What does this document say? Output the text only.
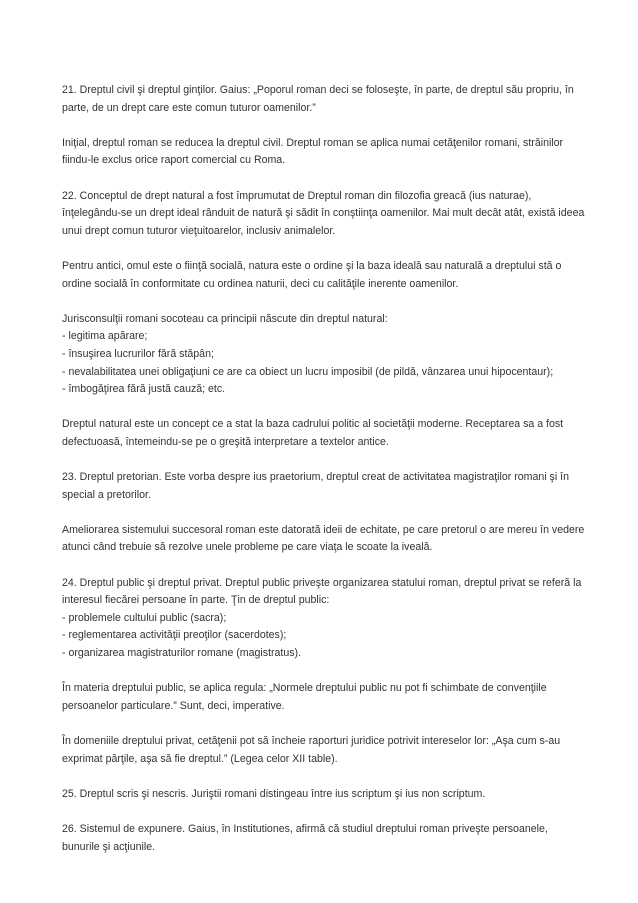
21. Dreptul civil şi dreptul ginţilor. Gaius: „Poporul roman deci se foloseşte, în parte, de dreptul său propriu, în
parte, de un drept care este comun tuturor oamenilor.”

Iniţial, dreptul roman se reducea la dreptul civil. Dreptul roman se aplica numai cetăţenilor romani, străinilor
fiindu-le exclus orice raport comercial cu Roma.

22. Conceptul de drept natural a fost împrumutat de Dreptul roman din filozofia greacă (ius naturae),
înţelegându-se un drept ideal rânduit de natură şi sădit în conştiinţa oamenilor. Mai mult decât atât, există ideea
unui drept comun tuturor vieţuitoarelor, inclusiv animalelor.

Pentru antici, omul este o fiinţă socială, natura este o ordine şi la baza ideală sau naturală a dreptului stă o
ordine socială în conformitate cu ordinea naturii, deci cu calităţile inerente oamenilor.

Jurisconsulţii romani socoteau ca principii născute din dreptul natural:
- legitima apărare;
- însuşirea lucrurilor fără stăpân;
- nevalabilitatea unei obligaţiuni ce are ca obiect un lucru imposibil (de pildă, vânzarea unui hipocentaur);
- îmbogăţirea fără justă cauză; etc.

Dreptul natural este un concept ce a stat la baza cadrului politic al societăţii moderne. Receptarea sa a fost
defectuoasă, întemeindu-se pe o greşită interpretare a textelor antice.

23. Dreptul pretorian. Este vorba despre ius praetorium, dreptul creat de activitatea magistraţilor romani şi în
special a pretorilor.

Ameliorarea sistemului succesoral roman este datorată ideii de echitate, pe care pretorul o are mereu în vedere
atunci când trebuie să rezolve unele probleme pe care viaţa le scoate la iveală.

24. Dreptul public şi dreptul privat. Dreptul public priveşte organizarea statului roman, dreptul privat se referă la
interesul fiecărei persoane în parte. Ţin de dreptul public:
- problemele cultului public (sacra);
- reglementarea activităţii preoţilor (sacerdotes);
- organizarea magistraturilor romane (magistratus).

În materia dreptului public, se aplica regula: „Normele dreptului public nu pot fi schimbate de convenţiile
persoanelor particulare.” Sunt, deci, imperative.

În domeniile dreptului privat, cetăţenii pot să încheie raporturi juridice potrivit intereselor lor: „Aşa cum s-au
exprimat părţile, aşa să fie dreptul.” (Legea celor XII table).

25. Dreptul scris şi nescris. Juriştii romani distingeau între ius scriptum şi ius non scriptum.

26. Sistemul de expunere. Gaius, în Institutiones, afirmă că studiul dreptului roman priveşte persoanele,
bunurile şi acţiunile.
